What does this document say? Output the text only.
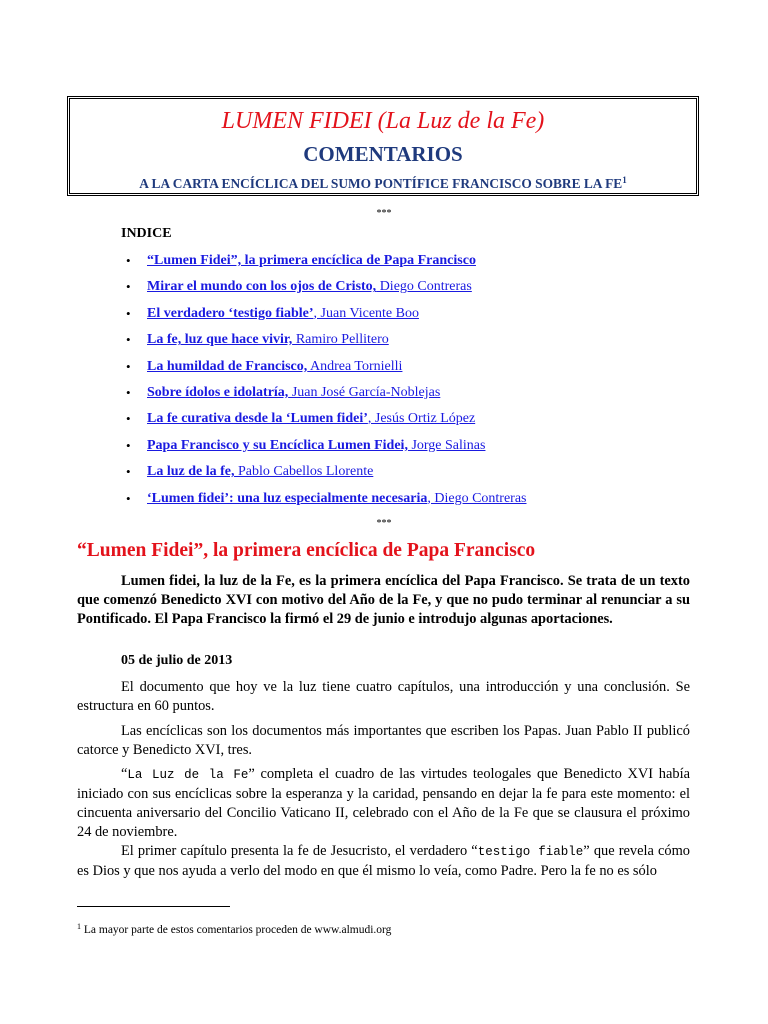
LUMEN FIDEI (La Luz de la Fe)
COMENTARIOS
A LA CARTA ENCÍCLICA DEL SUMO PONTÍFICE FRANCISCO SOBRE LA $FE^1$
***
INDICE
• “Lumen Fidei”, la primera encíclica de Papa Francisco
• Mirar el mundo con los ojos de Cristo, Diego Contreras
• El verdadero ‘testigo fiable’, Juan Vicente Boo
• La fe, luz que hace vivir, Ramiro Pellitero
• La humildad de Francisco, Andrea Tornielli
• Sobre ídolos e idolatría, Juan José García-Noblejas
• La fe curativa desde la ‘Lumen fidei’, Jesús Ortiz López
• Papa Francisco y su Encíclica Lumen Fidei, Jorge Salinas
• La luz de la fe, Pablo Cabellos Llorente
• ‘Lumen fidei’: una luz especialmente necesaria, Diego Contreras
***
“Lumen Fidei”, la primera encíclica de Papa Francisco

Lumen fidei, la luz de la Fe, es la primera encíclica del Papa Francisco. Se trata de un texto que comenzó Benedicto XVI con motivo del Año de la Fe, y que no pudo terminar al renunciar a su Pontificado. El Papa Francisco la firmó el 29 de junio e introdujo algunas aportaciones.

05 de julio de 2013

El documento que hoy ve la luz tiene cuatro capítulos, una introducción y una conclusión. Se estructura en 60 puntos.

Las encíclicas son los documentos más importantes que escriben los Papas. Juan Pablo II publicó catorce y Benedicto XVI, tres.

“La Luz de la Fe” completa el cuadro de las virtudes teologales que Benedicto XVI había iniciado con sus encíclicas sobre la esperanza y la caridad, pensando en dejar la fe para este momento: el cincuenta aniversario del Concilio Vaticano II, celebrado con el Año de la Fe que se clausura el próximo 24 de noviembre.

El primer capítulo presenta la fe de Jesucristo, el verdadero “testigo fiable” que revela cómo es Dios y que nos ayuda a verlo del modo en que él mismo lo veía, como Padre. Pero la fe no es sólo

$^1$ La mayor parte de estos comentarios proceden de www.almudi.org
